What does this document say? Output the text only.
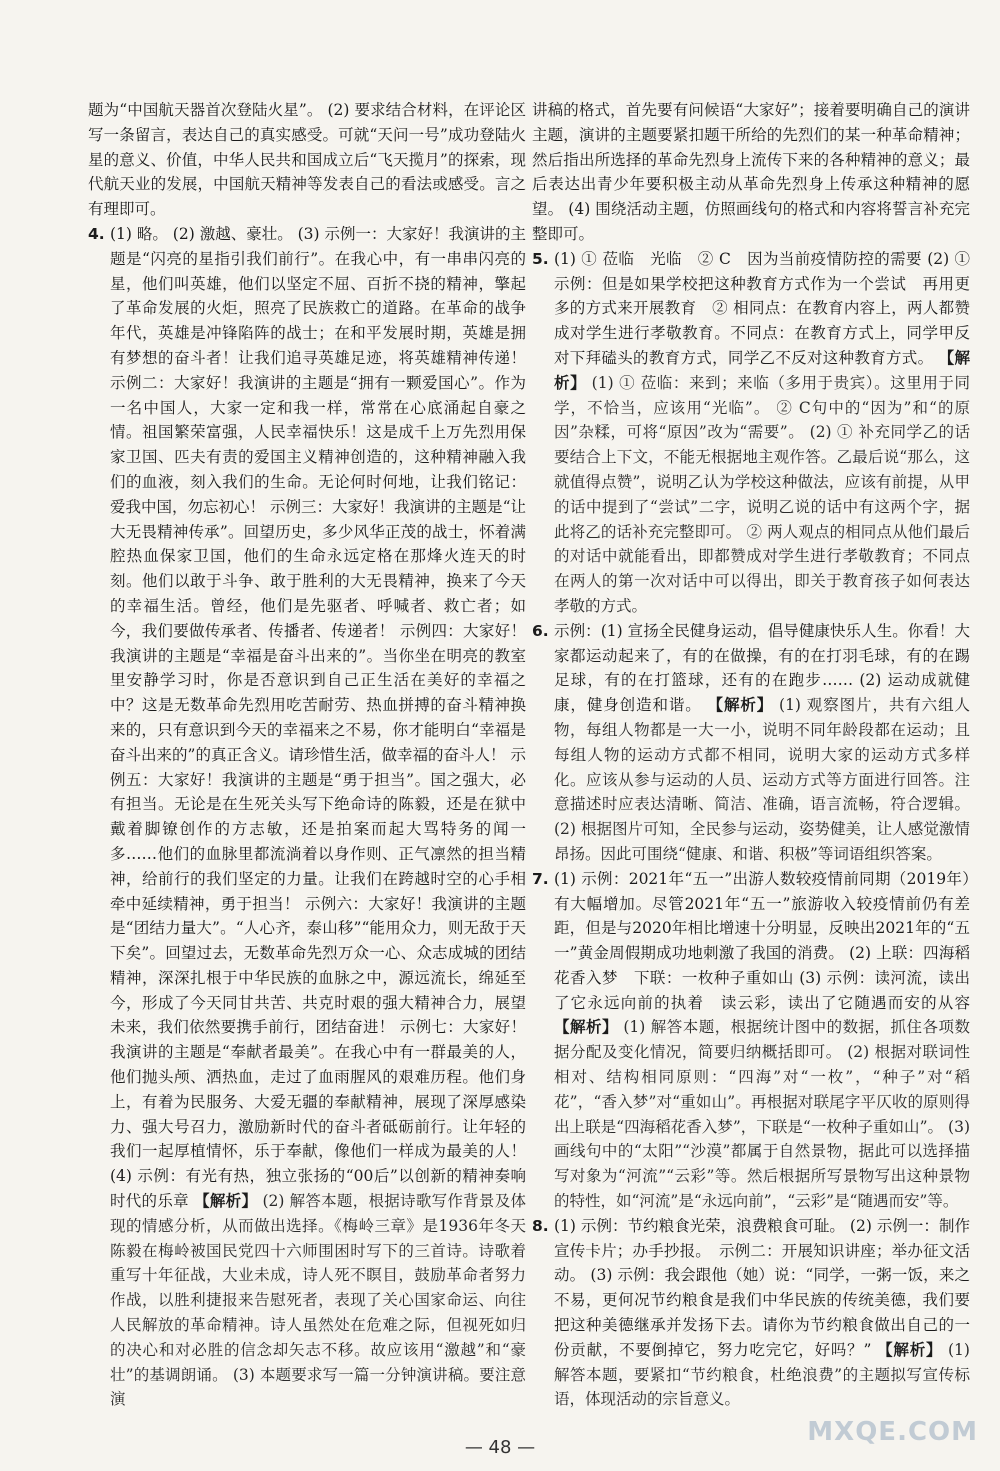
题为“中国航天器首次登陆火星”。 (2) 要求结合材料，在评论区写一条留言，表达自己的真实感受。可就“天问一号”成功登陆火星的意义、价值，中华人民共和国成立后“飞天揽月”的探索，现代航天业的发展，中国航天精神等发表自己的看法或感受。言之有理即可。

4. (1) 略。 (2) 激越、豪壮。 (3) 示例一：大家好！我演讲的主题是“闪亮的星指引我们前行”。在我心中，有一串串闪亮的星，他们叫英雄，他们以坚定不屈、百折不挠的精神，擎起了革命发展的火炬，照亮了民族救亡的道路。在革命的战争年代，英雄是冲锋陷阵的战士；在和平发展时期，英雄是拥有梦想的奋斗者！让我们追寻英雄足迹，将英雄精神传递！ 示例二：大家好！我演讲的主题是“拥有一颗爱国心”。作为一名中国人，大家一定和我一样，常常在心底涌起自豪之情。祖国繁荣富强，人民幸福快乐！这是成千上万先烈用保家卫国、匹夫有责的爱国主义精神创造的，这种精神融入我们的血液，刻入我们的生命。无论何时何地，让我们铭记：爱我中国，勿忘初心！ 示例三：大家好！我演讲的主题是“让大无畏精神传承”。回望历史，多少风华正茂的战士，怀着满腔热血保家卫国，他们的生命永远定格在那烽火连天的时刻。他们以敢于斗争、敢于胜利的大无畏精神，换来了今天的幸福生活。曾经，他们是先驱者、呼喊者、救亡者；如今，我们要做传承者、传播者、传递者！ 示例四：大家好！我演讲的主题是“幸福是奋斗出来的”。当你坐在明亮的教室里安静学习时，你是否意识到自己正生活在美好的幸福之中？这是无数革命先烈用吃苦耐劳、热血拼搏的奋斗精神换来的，只有意识到今天的幸福来之不易，你才能明白“幸福是奋斗出来的”的真正含义。请珍惜生活，做幸福的奋斗人！ 示例五：大家好！我演讲的主题是“勇于担当”。国之强大，必有担当。无论是在生死关头写下绝命诗的陈毅，还是在狱中戴着脚镣创作的方志敏，还是拍案而起大骂特务的闻一多……他们的血脉里都流淌着以身作则、正气凛然的担当精神，给前行的我们坚定的力量。让我们在跨越时空的心手相牵中延续精神，勇于担当！ 示例六：大家好！我演讲的主题是“团结力量大”。“人心齐，泰山移”“能用众力，则无敌于天下矣”。回望过去，无数革命先烈万众一心、众志成城的团结精神，深深扎根于中华民族的血脉之中，源远流长，绵延至今，形成了今天同甘共苦、共克时艰的强大精神合力，展望未来，我们依然要携手前行，团结奋进！ 示例七：大家好！我演讲的主题是“奉献者最美”。在我心中有一群最美的人，他们抛头颅、洒热血，走过了血雨腥风的艰难历程。他们身上，有着为民服务、大爱无疆的奉献精神，展现了深厚感染力、强大号召力，激励新时代的奋斗者砥砺前行。让年轻的我们一起厚植情怀，乐于奉献，像他们一样成为最美的人！ (4) 示例：有光有热，独立张扬的“00后”以创新的精神奏响时代的乐章 【解析】 (2) 解答本题，根据诗歌写作背景及体现的情感分析，从而做出选择。《梅岭三章》是1936年冬天陈毅在梅岭被国民党四十六师围困时写下的三首诗。诗歌着重写十年征战，大业未成，诗人死不瞑目，鼓励革命者努力作战，以胜利捷报来告慰死者，表现了关心国家命运、向往人民解放的革命精神。诗人虽然处在危难之际，但视死如归的决心和对必胜的信念却矢志不移。故应该用“激越”和“豪壮”的基调朗诵。 (3) 本题要求写一篇一分钟演讲稿。要注意演

讲稿的格式，首先要有问候语“大家好”；接着要明确自己的演讲主题，演讲的主题要紧扣题干所给的先烈们的某一种革命精神；然后指出所选择的革命先烈身上流传下来的各种精神的意义；最后表达出青少年要积极主动从革命先烈身上传承这种精神的愿望。 (4) 围绕活动主题，仿照画线句的格式和内容将誓言补充完整即可。

5. (1) ① 莅临　光临　② C　因为当前疫情防控的需要 (2) ① 示例：但是如果学校把这种教育方式作为一个尝试　再用更多的方式来开展教育　② 相同点：在教育内容上，两人都赞成对学生进行孝敬教育。不同点：在教育方式上，同学甲反对下拜磕头的教育方式，同学乙不反对这种教育方式。 【解析】 (1) ① 莅临：来到；来临（多用于贵宾）。这里用于同学，不恰当，应该用“光临”。 ② C句中的“因为”和“的原因”杂糅，可将“原因”改为“需要”。 (2) ① 补充同学乙的话要结合上下文，不能无根据地主观作答。乙最后说“那么，这就值得点赞”，说明乙认为学校这种做法，应该有前提，从甲的话中提到了“尝试”二字，说明乙说的话中有这两个字，据此将乙的话补充完整即可。 ② 两人观点的相同点从他们最后的对话中就能看出，即都赞成对学生进行孝敬教育；不同点在两人的第一次对话中可以得出，即关于教育孩子如何表达孝敬的方式。
6. 示例：(1) 宣扬全民健身运动，倡导健康快乐人生。你看！大家都运动起来了，有的在做操，有的在打羽毛球，有的在踢足球，有的在打篮球，还有的在跑步…… (2) 运动成就健康，健身创造和谐。 【解析】 (1) 观察图片，共有六组人物，每组人物都是一大一小，说明不同年龄段都在运动；且每组人物的运动方式都不相同，说明大家的运动方式多样化。应该从参与运动的人员、运动方式等方面进行回答。注意描述时应表达清晰、简洁、准确，语言流畅，符合逻辑。 (2) 根据图片可知，全民参与运动，姿势健美，让人感觉激情昂扬。因此可围绕“健康、和谐、积极”等词语组织答案。
7. (1) 示例：2021年“五一”出游人数较疫情前同期（2019年）有大幅增加。尽管2021年“五一”旅游收入较疫情前仍有差距，但是与2020年相比增速十分明显，反映出2021年的“五一”黄金周假期成功地刺激了我国的消费。 (2) 上联：四海稻花香入梦　下联：一枚种子重如山 (3) 示例：读河流，读出了它永远向前的执着　读云彩，读出了它随遇而安的从容 【解析】 (1) 解答本题，根据统计图中的数据，抓住各项数据分配及变化情况，简要归纳概括即可。 (2) 根据对联词性相对、结构相同原则：“四海”对“一枚”，“种子”对“稻花”，“香入梦”对“重如山”。再根据对联尾字平仄收的原则得出上联是“四海稻花香入梦”，下联是“一枚种子重如山”。 (3) 画线句中的“太阳”“沙漠”都属于自然景物，据此可以选择描写对象为“河流”“云彩”等。然后根据所写景物写出这种景物的特性，如“河流”是“永远向前”，“云彩”是“随遇而安”等。
8. (1) 示例：节约粮食光荣，浪费粮食可耻。 (2) 示例一：制作宣传卡片；办手抄报。　示例二：开展知识讲座；举办征文活动。 (3) 示例：我会跟他（她）说：“同学，一粥一饭，来之不易，更何况节约粮食是我们中华民族的传统美德，我们要把这种美德继承并发扬下去。请你为节约粮食做出自己的一份贡献，不要倒掉它，努力吃完它，好吗？” 【解析】 (1) 解答本题，要紧扣“节约粮食，杜绝浪费”的主题拟写宣传标语，体现活动的宗旨意义。
— 48 —
MXQE.COM
